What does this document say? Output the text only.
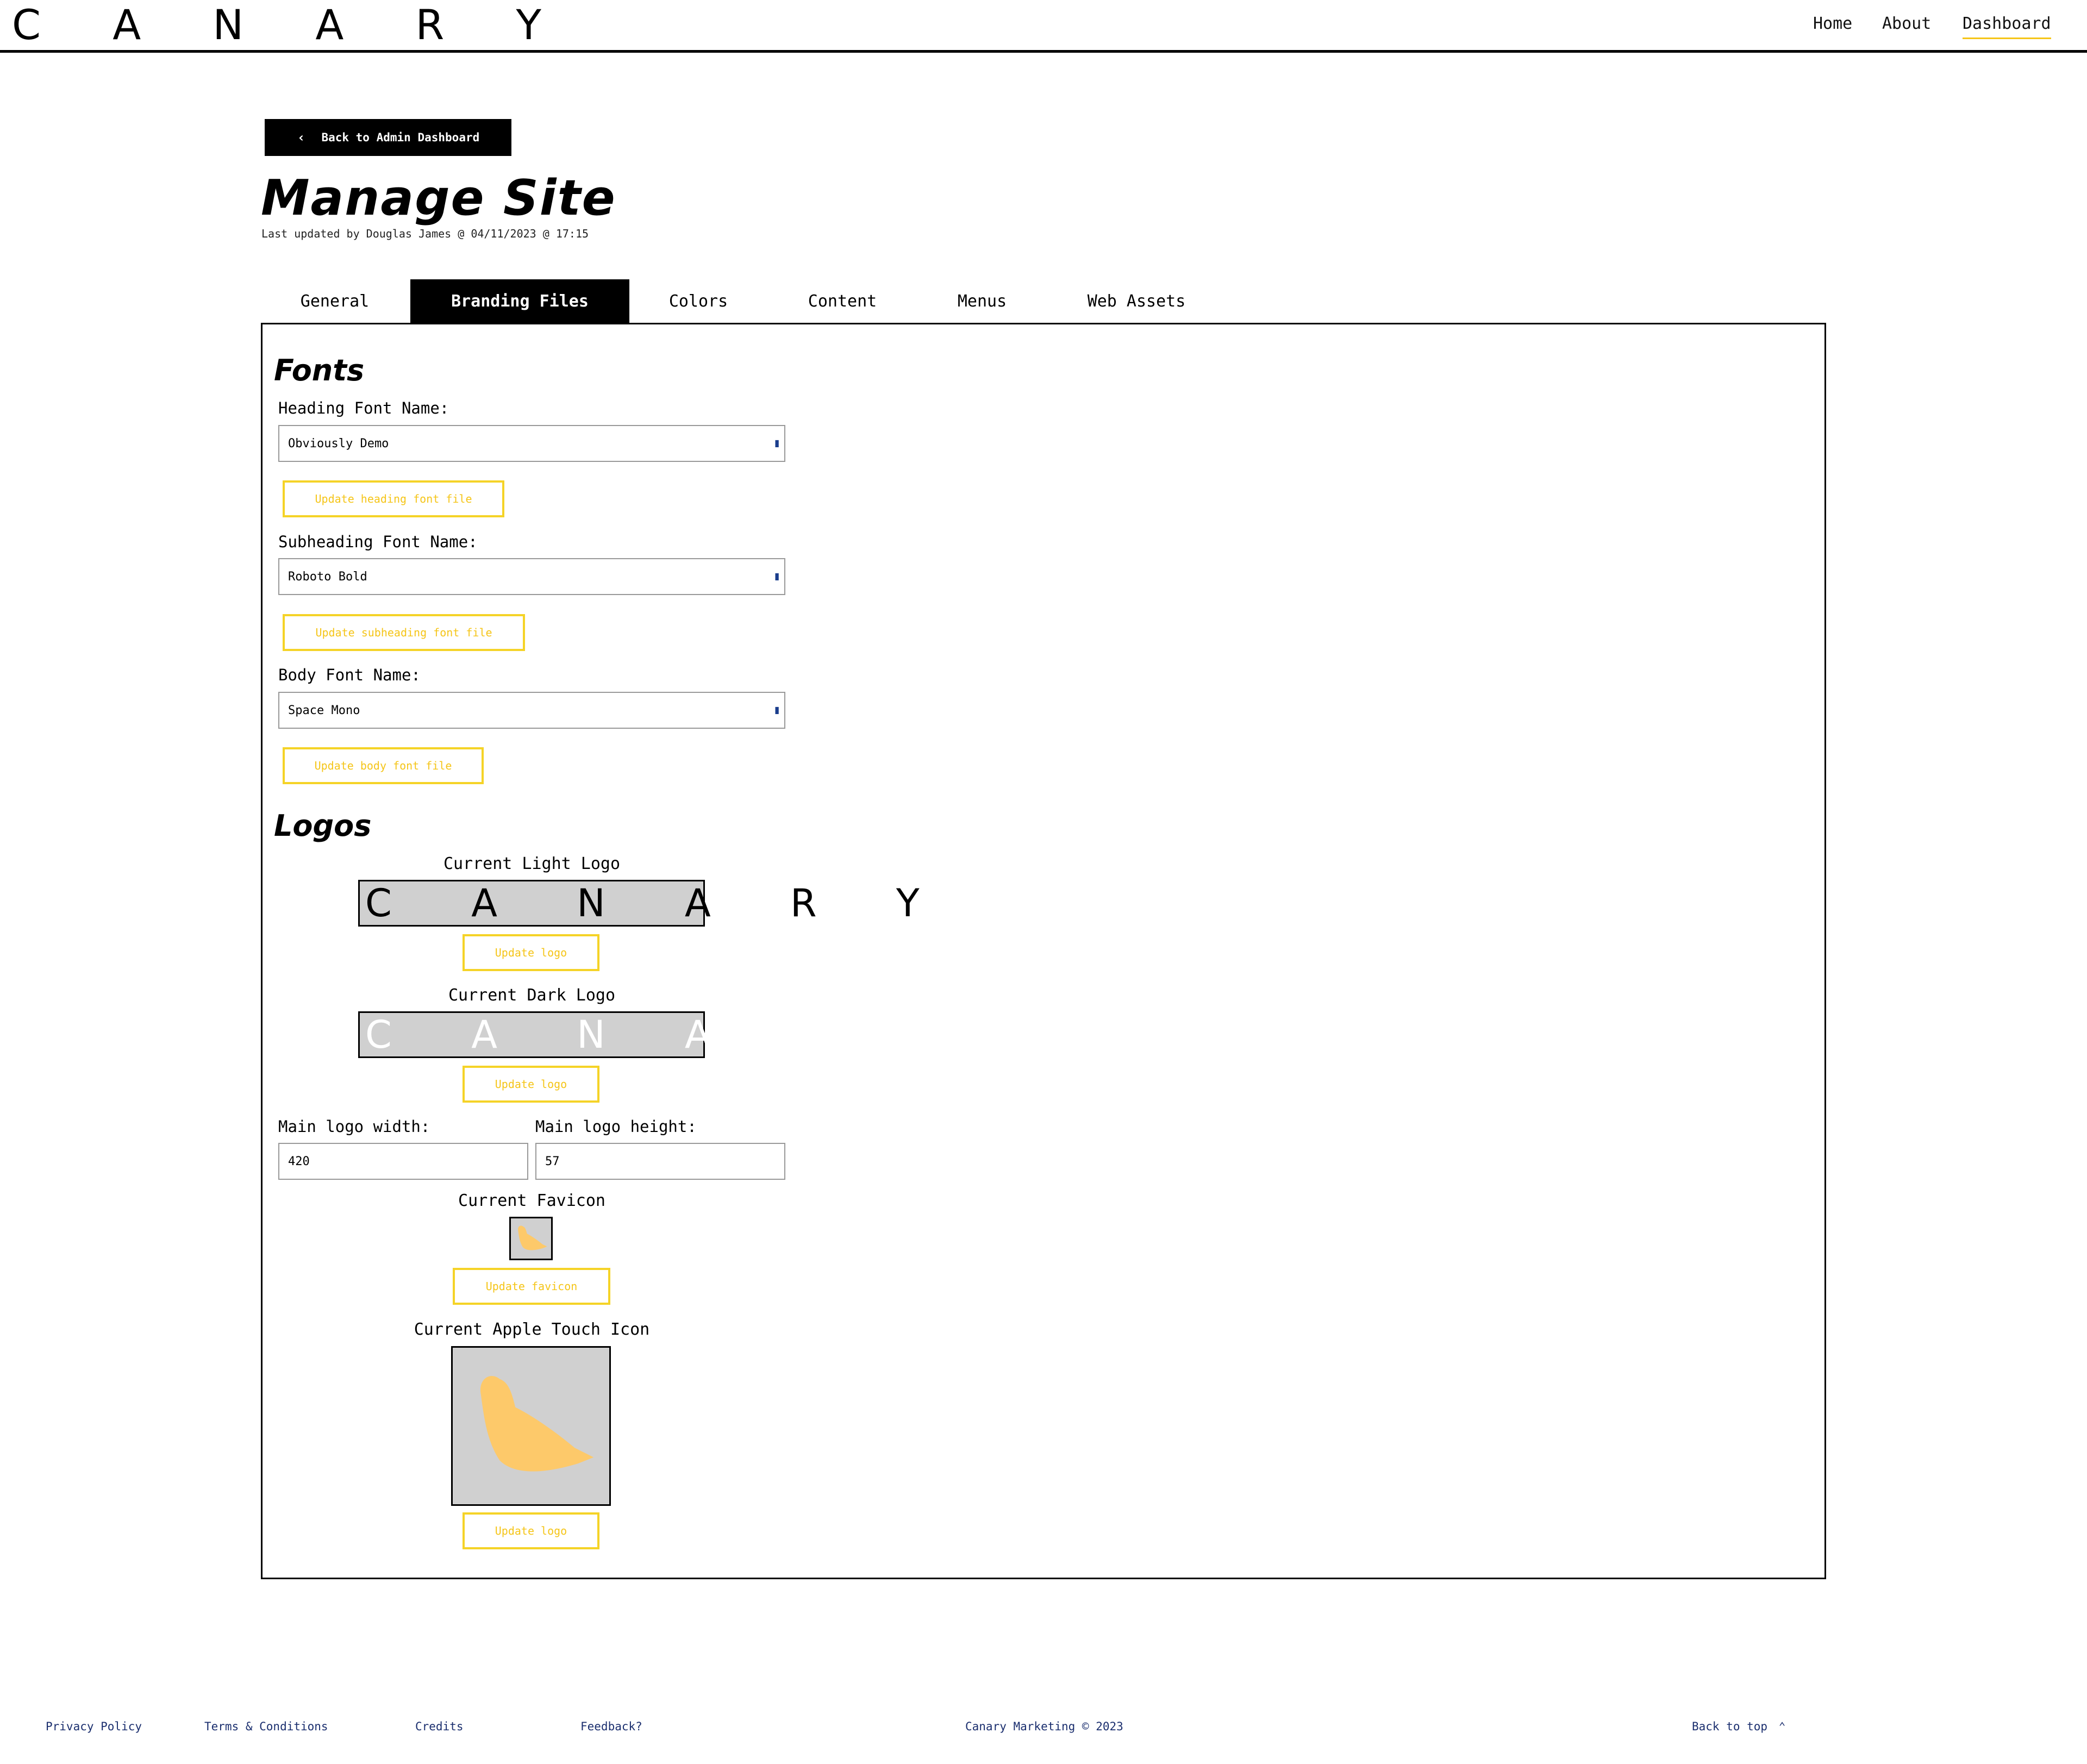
C A N A R Y	Home About Dashboard
‹ Back to Admin Dashboard
Manage Site
Last updated by Douglas James @ 04/11/2023 @ 17:15
General	Branding Files	Colors	Content	Menus	Web Assets
Fonts
Heading Font Name:
Obviously Demo	▮
Update heading font file
Subheading Font Name:
Roboto Bold	▮
Update subheading font file
Body Font Name:
Space Mono	▮
Update body font file
Logos
Current Light Logo
C A N A R Y
Update logo
Current Dark Logo
C A N A R Y
Update logo
Main logo width:
420
Main logo height:
57
Current Favicon
Update favicon
Current Apple Touch Icon
Update logo
Privacy Policy	Terms & Conditions	Credits	Feedback?	Canary Marketing © 2023	Back to top ⌃
